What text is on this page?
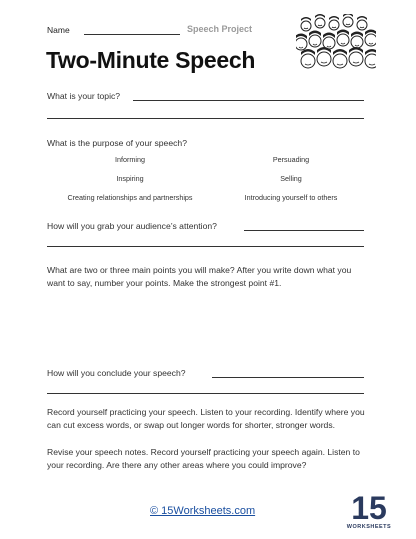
Name	Speech Project
Two-Minute Speech
What is your topic?
What is the purpose of your speech?
Informing	Persuading
Inspiring	Selling
Creating relationships and partnerships	Introducing yourself to others
How will you grab your audience’s attention?
What are two or three main points you will make? After you write down what you want to say, number your points. Make the strongest point #1.
How will you conclude your speech?
Record yourself practicing your speech. Listen to your recording. Identify where you can cut excess words, or swap out longer words for shorter, stronger words.
Revise your speech notes. Record yourself practicing your speech again. Listen to your recording. Are there any other areas where you could improve?
© 15Worksheets.com	15
WORKSHEETS
